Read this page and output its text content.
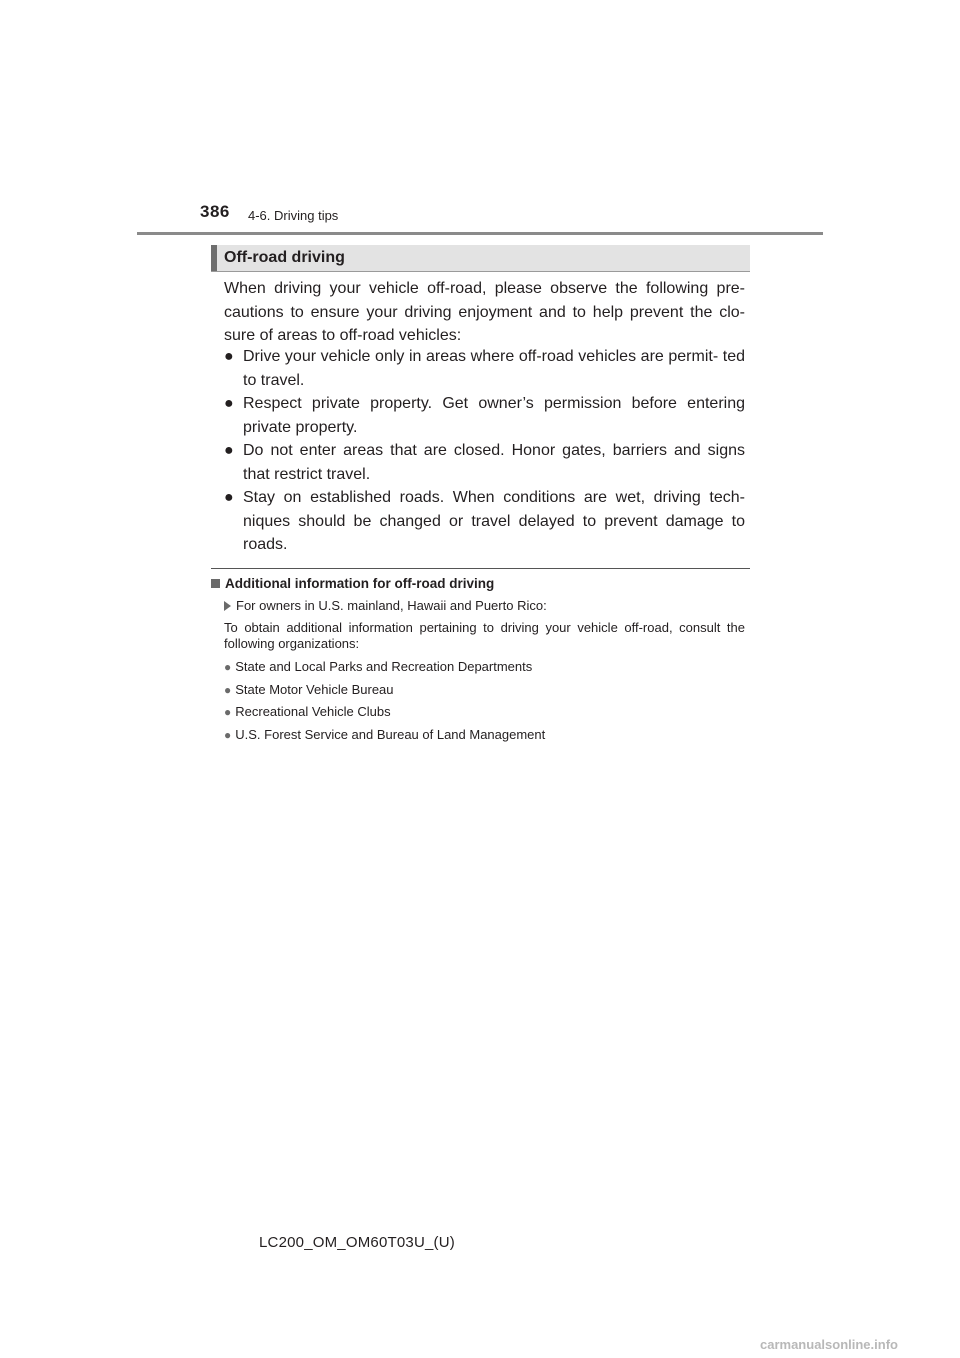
386 4-6. Driving tips
Off-road driving

When driving your vehicle off-road, please observe the following pre- cautions to ensure your driving enjoyment and to help prevent the clo- sure of areas to off-road vehicles:

● Drive your vehicle only in areas where off-road vehicles are permit- ted to travel.
● Respect private property. Get owner’s permission before entering private property.
● Do not enter areas that are closed. Honor gates, barriers and signs that restrict travel.
● Stay on established roads. When conditions are wet, driving tech- niques should be changed or travel delayed to prevent damage to roads.
Additional information for off-road driving
For owners in U.S. mainland, Hawaii and Puerto Rico:

To obtain additional information pertaining to driving your vehicle off-road, consult the following organizations:

● State and Local Parks and Recreation Departments
● State Motor Vehicle Bureau
● Recreational Vehicle Clubs
● U.S. Forest Service and Bureau of Land Management
LC200_OM_OM60T03U_(U)
carmanualsonline.info
